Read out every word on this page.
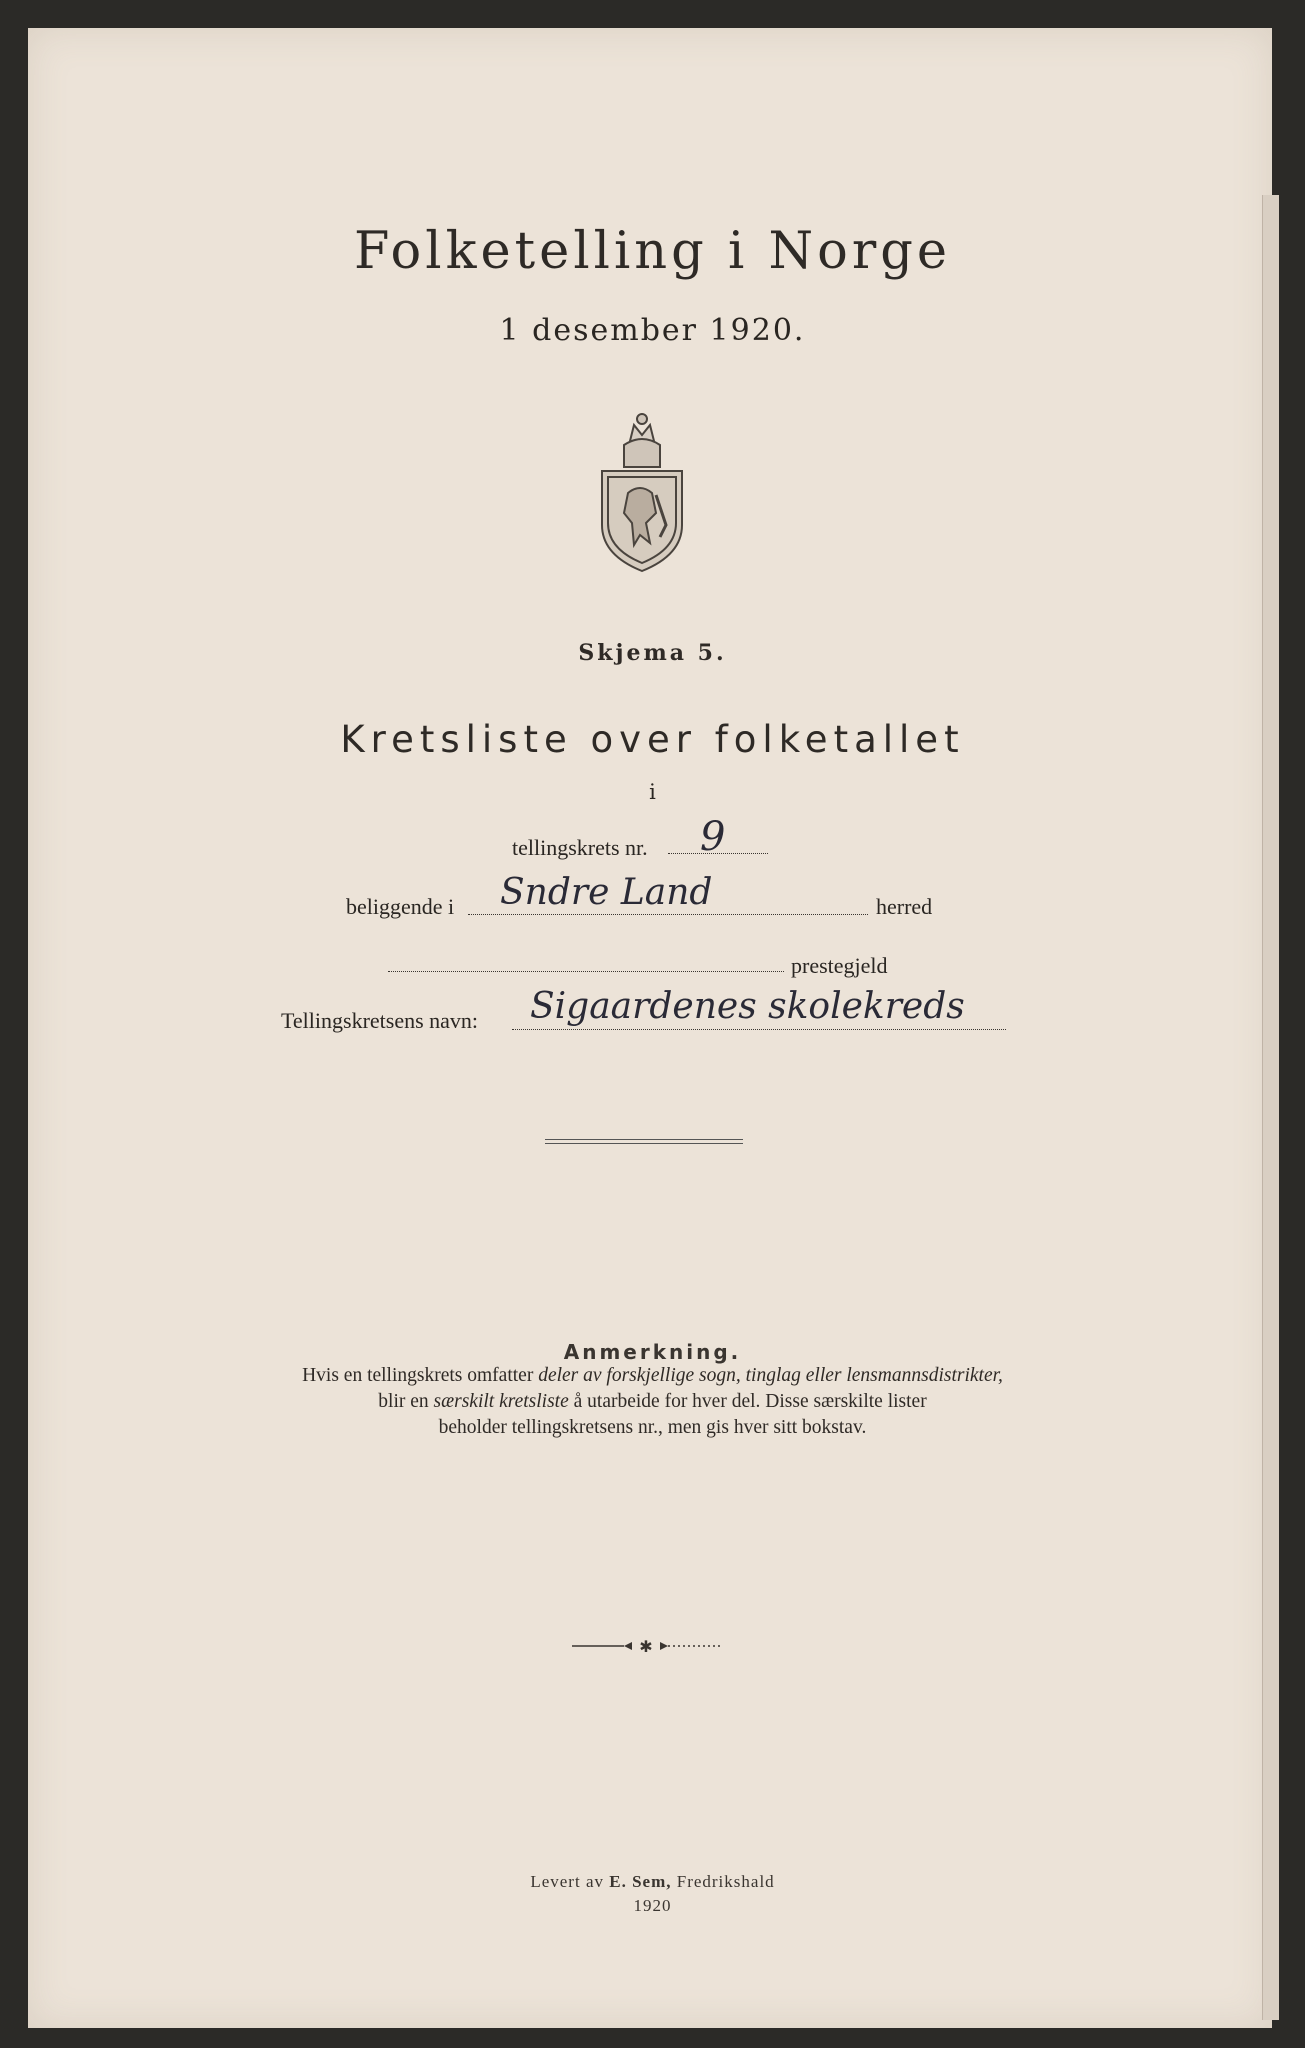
Folketelling i Norge
1 desember 1920.
Skjema 5.
Kretsliste over folketallet
i
tellingskrets nr. 9
beliggende i Sndre Land	herred
prestegjeld
Tellingskretsens navn: Sigaardenes skolekreds
Anmerkning.
Hvis en tellingskrets omfatter deler av forskjellige sogn, tinglag eller lensmannsdistrikter,
blir en særskilt kretsliste å utarbeide for hver del. Disse særskilte lister
beholder tellingskretsens nr., men gis hver sitt bokstav.
✱
Levert av E. Sem, Fredrikshald
1920
